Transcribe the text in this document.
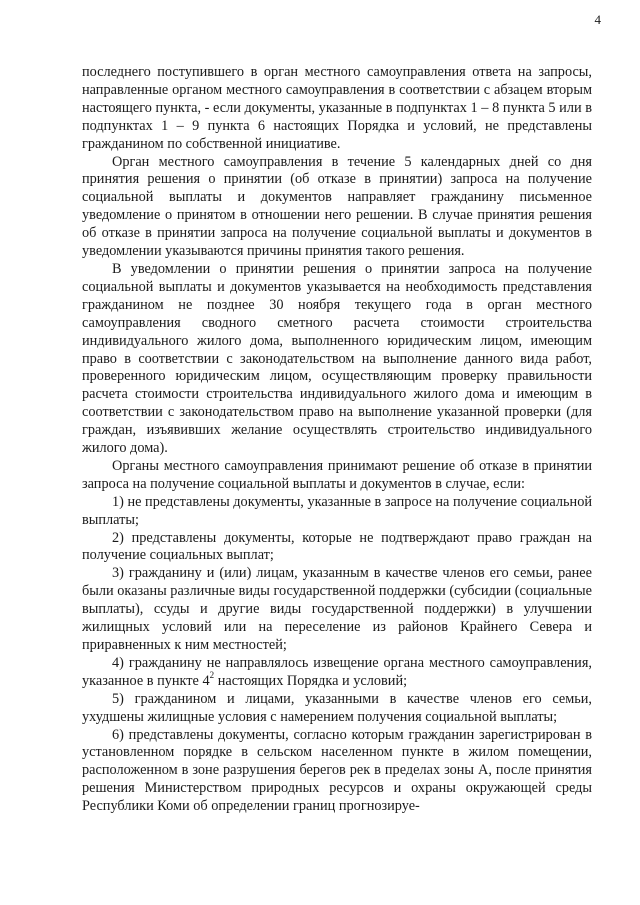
4

последнего поступившего в орган местного самоуправления ответа на запросы, направленные органом местного самоуправления в соответствии с абзацем вторым настоящего пункта, - если документы, указанные в подпунктах 1 – 8 пункта 5 или в подпунктах 1 – 9 пункта 6 настоящих Порядка и условий, не представлены гражданином по собственной инициативе.

Орган местного самоуправления в течение 5 календарных дней со дня принятия решения о принятии (об отказе в принятии) запроса на получение социальной выплаты и документов направляет гражданину письменное уведомление о принятом в отношении него решении. В случае принятия решения об отказе в принятии запроса на получение социальной выплаты и документов в уведомлении указываются причины принятия такого решения.

В уведомлении о принятии решения о принятии запроса на получение социальной выплаты и документов указывается на необходимость представления гражданином не позднее 30 ноября текущего года в орган местного самоуправления сводного сметного расчета стоимости строительства индивидуального жилого дома, выполненного юридическим лицом, имеющим право в соответствии с законодательством на выполнение данного вида работ, проверенного юридическим лицом, осуществляющим проверку правильности расчета стоимости строительства индивидуального жилого дома и имеющим в соответствии с законодательством право на выполнение указанной проверки (для граждан, изъявивших желание осуществлять строительство индивидуального жилого дома).

Органы местного самоуправления принимают решение об отказе в принятии запроса на получение социальной выплаты и документов в случае, если:

1) не представлены документы, указанные в запросе на получение социальной выплаты;

2) представлены документы, которые не подтверждают право граждан на получение социальных выплат;

3) гражданину и (или) лицам, указанным в качестве членов его семьи, ранее были оказаны различные виды государственной поддержки (субсидии (социальные выплаты), ссуды и другие виды государственной поддержки) в улучшении жилищных условий или на переселение из районов Крайнего Севера и приравненных к ним местностей;

4) гражданину не направлялось извещение органа местного самоуправления, указанное в пункте $4^2$ настоящих Порядка и условий;

5) гражданином и лицами, указанными в качестве членов его семьи, ухудшены жилищные условия с намерением получения социальной выплаты;

6) представлены документы, согласно которым гражданин зарегистрирован в установленном порядке в сельском населенном пункте в жилом помещении, расположенном в зоне разрушения берегов рек в пределах зоны А, после принятия решения Министерством природных ресурсов и охраны окружающей среды Республики Коми об определении границ прогнозируе-
